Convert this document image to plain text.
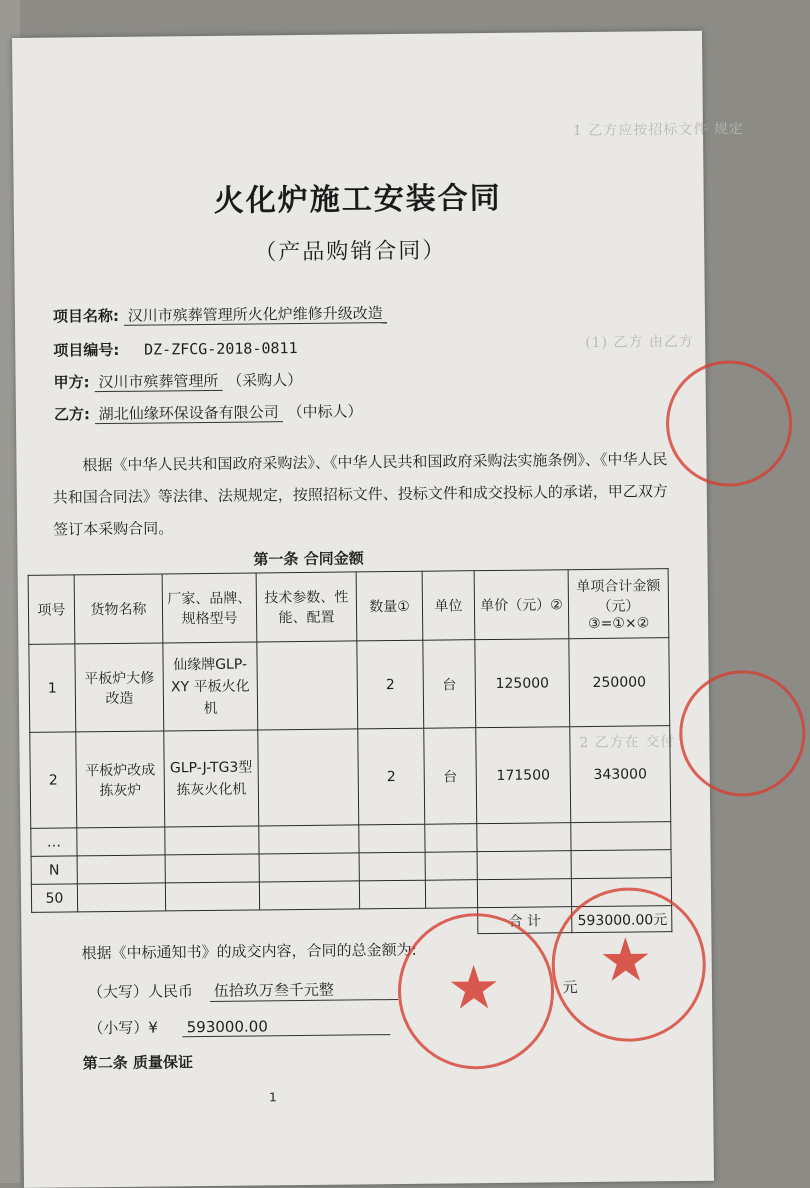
1 乙方应按招标文件 规定
(1) 乙方 由乙方
2 乙方在 交付
火化炉施工安装合同
（产品购销合同）
项目名称: 汉川市殡葬管理所火化炉维修升级改造
项目编号: DZ-ZFCG-2018-0811
甲方: 汉川市殡葬管理所 （采购人）
乙方: 湖北仙缘环保设备有限公司 （中标人）
根据《中华人民共和国政府采购法》、《中华人民共和国政府采购法实施条例》、《中华人民共和国合同法》等法律、法规规定，按照招标文件、投标文件和成交投标人的承诺，甲乙双方签订本采购合同。
第一条 合同金额
项号	货物名称	厂家、品牌、规格型号	技术参数、性能、配置	数量①	单位	单价（元）②	单项合计金额（元）③=①×②
1	平板炉大修改造	仙缘牌GLP-XY 平板火化机		2	台	125000	250000
2	平板炉改成拣灰炉	GLP-J-TG3型拣灰火化机		2	台	171500	343000
…							
N							
50							
						合 计	593000.00元
根据《中标通知书》的成交内容，合同的总金额为:
（大写）人民币 伍拾玖万叁千元整	元
（小写）¥ 593000.00
第二条 质量保证
1
★ ★
